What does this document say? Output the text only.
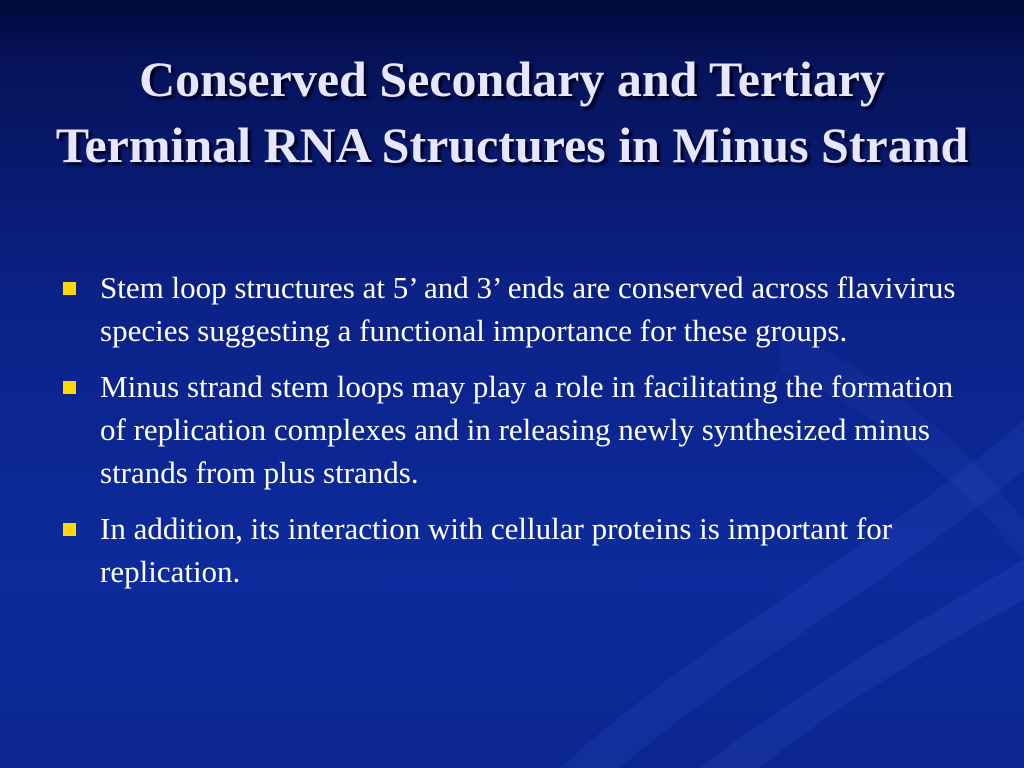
Conserved Secondary and Tertiary Terminal RNA Structures in Minus Strand
Stem loop structures at 5’ and 3’ ends are conserved across flavivirus species suggesting a functional importance for these groups.
Minus strand stem loops may play a role in facilitating the formation of replication complexes and in releasing newly synthesized minus strands from plus strands.
In addition, its interaction with cellular proteins is important for replication.
